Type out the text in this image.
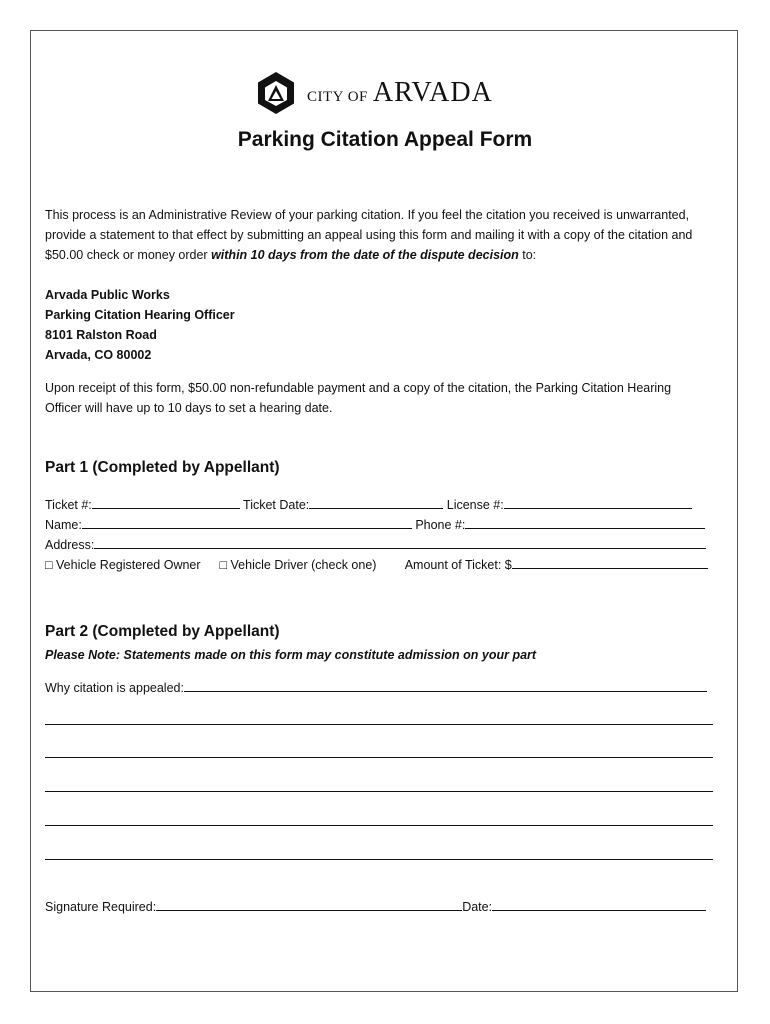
CITY OF ARVADA
Parking Citation Appeal Form
This process is an Administrative Review of your parking citation. If you feel the citation you received is unwarranted,
provide a statement to that effect by submitting an appeal using this form and mailing it with a copy of the citation and
$50.00 check or money order within 10 days from the date of the dispute decision to:
Arvada Public Works
Parking Citation Hearing Officer
8101 Ralston Road
Arvada, CO 80002
Upon receipt of this form, $50.00 non-refundable payment and a copy of the citation, the Parking Citation Hearing
Officer will have up to 10 days to set a hearing date.
Part 1 (Completed by Appellant)
Ticket #:	Ticket Date:	License #:
Name:	Phone #:
Address:
□ Vehicle Registered Owner □ Vehicle Driver (check one) Amount of Ticket: $
Part 2 (Completed by Appellant)
Please Note: Statements made on this form may constitute admission on your part
Why citation is appealed:
Signature Required:	Date:
